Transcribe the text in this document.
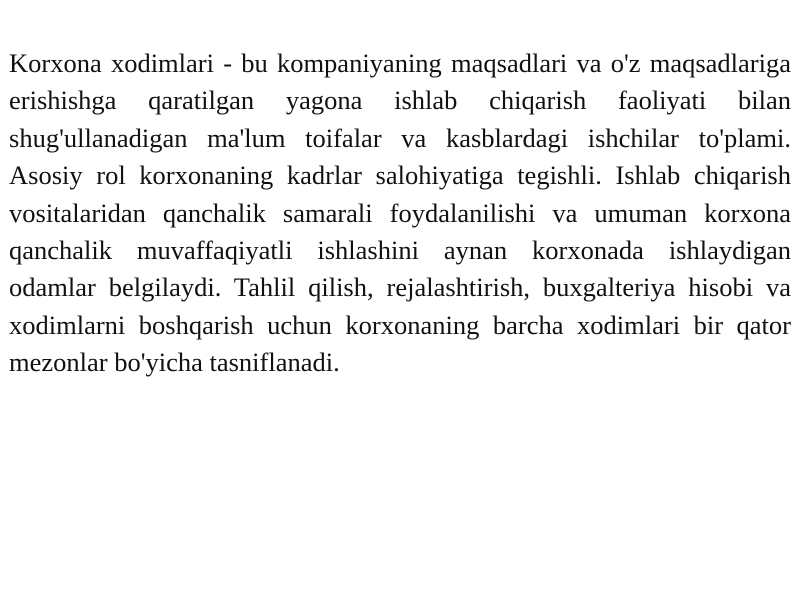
Korxona xodimlari - bu kompaniyaning maqsadlari va o'z maqsadlariga erishishga qaratilgan yagona ishlab chiqarish faoliyati bilan shug'ullanadigan ma'lum toifalar va kasblardagi ishchilar to'plami. Asosiy rol korxonaning kadrlar salohiyatiga tegishli. Ishlab chiqarish vositalaridan qanchalik samarali foydalanilishi va umuman korxona qanchalik muvaffaqiyatli ishlashini aynan korxonada ishlaydigan odamlar belgilaydi. Tahlil qilish, rejalashtirish, buxgalteriya hisobi va xodimlarni boshqarish uchun korxonaning barcha xodimlari bir qator mezonlar bo'yicha tasniflanadi.
